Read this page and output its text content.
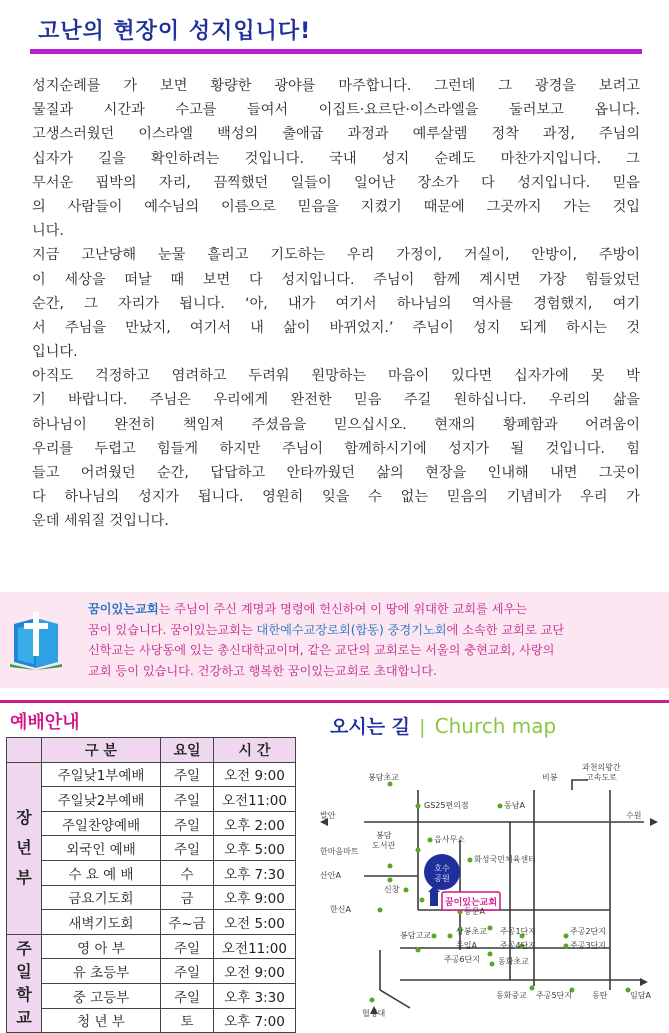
고난의 현장이 성지입니다!
성지순례를 가 보면 황량한 광야를 마주합니다. 그런데 그 광경을 보려고
물질과 시간과 수고를 들여서 이집트·요르단·이스라엘을 둘러보고 옵니다.
고생스러웠던 이스라엘 백성의 출애굽 과정과 예루살렘 정착 과정, 주님의
십자가 길을 확인하려는 것입니다. 국내 성지 순례도 마찬가지입니다. 그
무서운 핍박의 자리, 끔찍했던 일들이 일어난 장소가 다 성지입니다. 믿음
의 사람들이 예수님의 이름으로 믿음을 지켰기 때문에 그곳까지 가는 것입
니다.
지금 고난당해 눈물 흘리고 기도하는 우리 가정이, 거실이, 안방이, 주방이
이 세상을 떠날 때 보면 다 성지입니다. 주님이 함께 계시면 가장 힘들었던
순간, 그 자리가 됩니다. ‘아, 내가 여기서 하나님의 역사를 경험했지, 여기
서 주님을 만났지, 여기서 내 삶이 바뀌었지.’ 주님이 성지 되게 하시는 것
입니다.
아직도 걱정하고 염려하고 두려워 원망하는 마음이 있다면 십자가에 못 박
기 바랍니다. 주님은 우리에게 완전한 믿음 주길 원하십니다. 우리의 삶을
하나님이 완전히 책임져 주셨음을 믿으십시오. 현재의 황폐함과 어려움이
우리를 두렵고 힘들게 하지만 주님이 함께하시기에 성지가 될 것입니다. 힘
들고 어려웠던 순간, 답답하고 안타까웠던 삶의 현장을 인내해 내면 그곳이
다 하나님의 성지가 됩니다. 영원히 잊을 수 없는 믿음의 기념비가 우리 가
운데 세워질 것입니다.
꿈이있는교회는 주님이 주신 계명과 명령에 헌신하여 이 땅에 위대한 교회를 세우는
꿈이 있습니다. 꿈이있는교회는 대한예수교장로회(합동) 중경기노회에 소속한 교회로 교단
신학교는 사당동에 있는 총신대학교이며, 같은 교단의 교회로는 서울의 충현교회, 사랑의
교회 등이 있습니다. 건강하고 행복한 꿈이있는교회로 초대합니다.
예배안내
	구 분	요일	시 간

장
년
부	주일낮1부예배	주일	오전 9:00
	주일낮2부예배	주일	오전11:00
	주일찬양예배	주일	오후 2:00
	외국인 예배	주일	오후 5:00
	수 요 예 배	수	오후 7:30
	금요기도회	금	오후 9:00
	새벽기도회	주~금	오전 5:00

주
일
학
교	영 아 부	주일	오전11:00
	유 초등부	주일	오전 9:00
	중 고등부	주일	오후 3:30
	청 년 부	토	오후 7:00
오시는 길 | Church map
호수
공원
꿈이있는교회
봉담초교	비봉
과천의왕간
고속도로
발안
GS25편의점	동남A
수원
봉담
도서관
읍사무소
한마음마트
화성국민체육센터
산안A
신창
한신A	동문A
봉담고교	상봉초교
동일A
주공6단지
주공1단지
주공4단지
동화초교
주공2단지
주공3단지
동화중교 주공5단지 동탄	임담A
협성대
